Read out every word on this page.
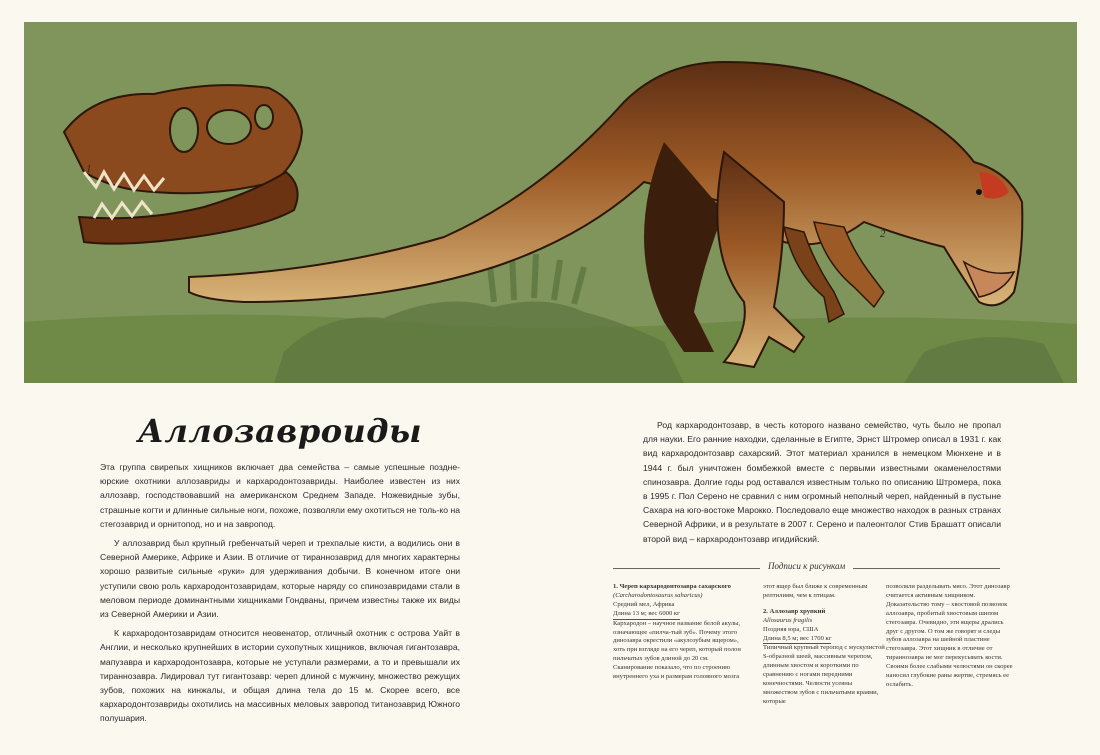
1
2
Аллозавроиды

Эта группа свирепых хищников включает два семейства – самые успешные поздне-юрские охотники аллозавриды и кархародонтозавриды. Наиболее известен из них аллозавр, господствовавший на американском Среднем Западе. Ножевидные зубы, страшные когти и длинные сильные ноги, похоже, позволяли ему охотиться не толь-ко на стегозаврид и орнитопод, но и на завропод.

У аллозаврид был крупный гребенчатый череп и трехпалые кисти, а водились они в Северной Америке, Африке и Азии. В отличие от тираннозаврид для многих характерны хорошо развитые сильные «руки» для удерживания добычи. В конечном итоге они уступили свою роль кархародонтозавридам, которые наряду со спинозавридами стали в меловом периоде доминантными хищниками Гондваны, причем известны также их виды из Северной Америки и Азии.

К кархародонтозавридам относится неовенатор, отличный охотник с острова Уайт в Англии, и несколько крупнейших в истории сухопутных хищников, включая гигантозавра, мапузавра и кархародонтозавра, которые не уступали размерами, а то и превышали их тираннозавра. Лидировал тут гигантозавр: череп длиной с мужчину, множество режущих зубов, похожих на кинжалы, и общая длина тела до 15 м. Скорее всего, все кархародонтозавриды охотились на массивных меловых завропод титанозаврид Южного полушария.

Род кархародонтозавр, в честь которого названо семейство, чуть было не пропал для науки. Его ранние находки, сделанные в Египте, Эрнст Штромер описал в 1931 г. как вид кархародонтозавр сахарский. Этот материал хранился в немецком Мюнхене и в 1944 г. был уничтожен бомбежкой вместе с первыми известными окаменелостями спинозавра. Долгие годы род оставался известным только по описанию Штромера, пока в 1995 г. Пол Серено не сравнил с ним огромный неполный череп, найденный в пустыне Сахара на юго-востоке Марокко. Последовало еще множество находок в разных странах Северной Африки, и в результате в 2007 г. Серено и палеонтолог Стив Брашатт описали второй вид – кархародонтозавр игидийский.

Подписи к рисункам
1. Череп кархародонтозавра сахарского
(Carcharodontosaurus saharicus)
Средний мел, Африка
Длина 13 м; вес 6000 кг
Кархародон – научное название белой акулы, означающее «пилча-тый зуб». Почему этого динозавра окрестили «акулозубым ящером», хоть при взгляде на его череп, который полон пильчатых зубов длиной до 20 см. Сканирование показало, что по строению внутреннего уха и размерам головного мозга
этот ящер был ближе к современным рептилиям, чем к птицам.
2. Аллозавр хрупкий
Allosaurus fragilis
Поздняя юра, США
Длина 8,5 м; вес 1700 кг
Типичный крупный теропод с мускулистой S-образной шеей, массивным черепом, длинным хвостом и короткими по сравнению с ногами передними конечностями. Челюсти усеяны множеством зубов с пильчатыми краями, которые
позволяли разделывать мясо. Этот динозавр считается активным хищником. Доказательство тому – хвостовой позвонок аллозавра, пробитый хвостовым шипом стегозавра. Очевидно, эти ящеры дрались друг с другом. О том же говорят и следы зубов аллозавра на шейной пластине стегозавра. Этот хищник в отличие от тираннозавра не мог перекусывать кости. Своими более слабыми челюстями он скорее наносил глубокие раны жертве, стремясь ее ослабить.
